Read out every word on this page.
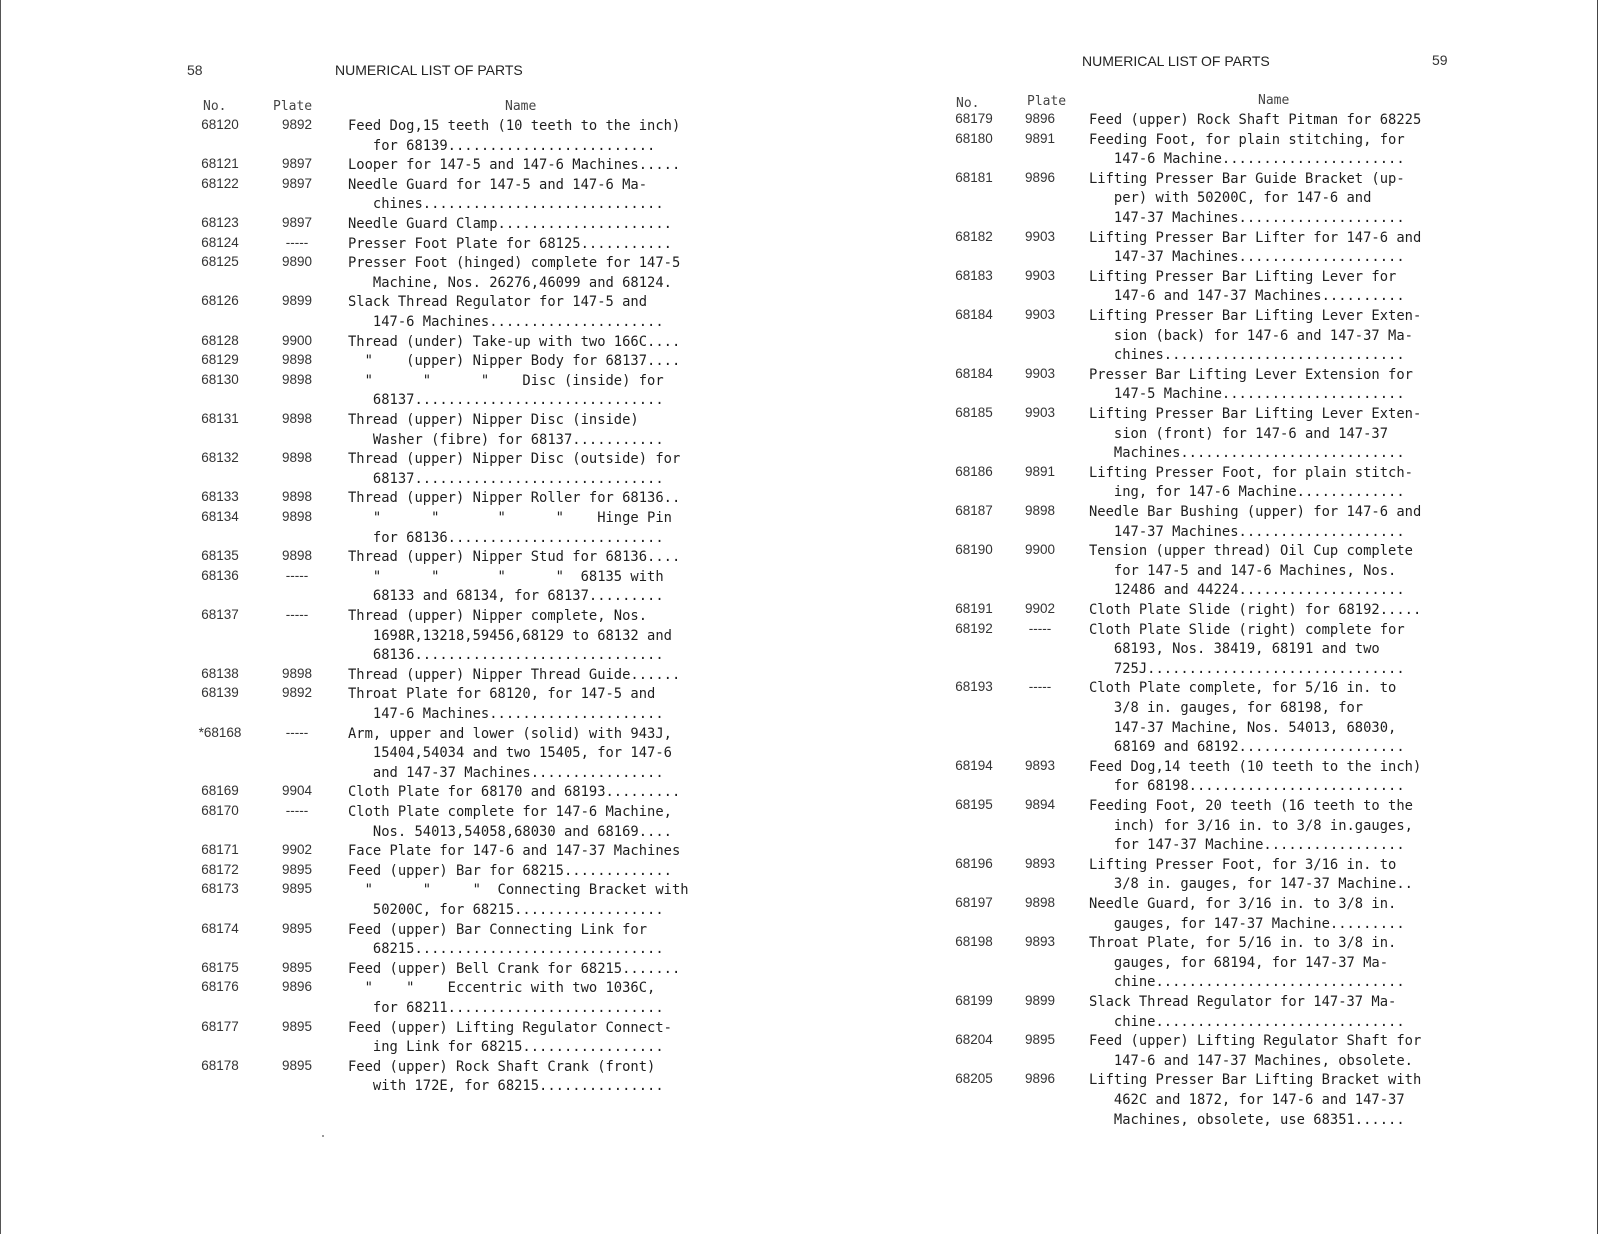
58	NUMERICAL LIST OF PARTS
No.	Plate	Name
68120	9892	Feed Dog,15 teeth (10 teeth to the inch)
for 68139.........................
68121	9897	Looper for 147-5 and 147-6 Machines.....
68122	9897	Needle Guard for 147-5 and 147-6 Ma-
chines.............................
68123	9897	Needle Guard Clamp.....................
68124	-----	Presser Foot Plate for 68125...........
68125	9890	Presser Foot (hinged) complete for 147-5
Machine, Nos. 26276,46099 and 68124.
68126	9899	Slack Thread Regulator for 147-5 and
147-6 Machines.....................
68128	9900	Thread (under) Take-up with two 166C....
68129	9898	"    (upper) Nipper Body for 68137....
68130	9898	"      "      "    Disc (inside) for
68137..............................
68131	9898	Thread (upper) Nipper Disc (inside)
Washer (fibre) for 68137...........
68132	9898	Thread (upper) Nipper Disc (outside) for
68137..............................
68133	9898	Thread (upper) Nipper Roller for 68136..
68134	9898	"      "       "      "    Hinge Pin
for 68136..........................
68135	9898	Thread (upper) Nipper Stud for 68136....
68136	-----	"      "       "      "  68135 with
68133 and 68134, for 68137.........
68137	-----	Thread (upper) Nipper complete, Nos.
1698R,13218,59456,68129 to 68132 and
68136..............................
68138	9898	Thread (upper) Nipper Thread Guide......
68139	9892	Throat Plate for 68120, for 147-5 and
147-6 Machines.....................
*68168	-----	Arm, upper and lower (solid) with 943J,
15404,54034 and two 15405, for 147-6
and 147-37 Machines................
68169	9904	Cloth Plate for 68170 and 68193.........
68170	-----	Cloth Plate complete for 147-6 Machine,
Nos. 54013,54058,68030 and 68169....
68171	9902	Face Plate for 147-6 and 147-37 Machines
68172	9895	Feed (upper) Bar for 68215.............
68173	9895	"      "     "  Connecting Bracket with
50200C, for 68215..................
68174	9895	Feed (upper) Bar Connecting Link for
68215..............................
68175	9895	Feed (upper) Bell Crank for 68215.......
68176	9896	"    "    Eccentric with two 1036C,
for 68211..........................
68177	9895	Feed (upper) Lifting Regulator Connect-
ing Link for 68215.................
68178	9895	Feed (upper) Rock Shaft Crank (front)
with 172E, for 68215...............
NUMERICAL LIST OF PARTS	59
No.	Plate	Name
68179	9896	Feed (upper) Rock Shaft Pitman for 68225
68180	9891	Feeding Foot, for plain stitching, for
147-6 Machine......................
68181	9896	Lifting Presser Bar Guide Bracket (up-
per) with 50200C, for 147-6 and
147-37 Machines....................
68182	9903	Lifting Presser Bar Lifter for 147-6 and
147-37 Machines....................
68183	9903	Lifting Presser Bar Lifting Lever for
147-6 and 147-37 Machines..........
68184	9903	Lifting Presser Bar Lifting Lever Exten-
sion (back) for 147-6 and 147-37 Ma-
chines.............................
68184	9903	Presser Bar Lifting Lever Extension for
147-5 Machine......................
68185	9903	Lifting Presser Bar Lifting Lever Exten-
sion (front) for 147-6 and 147-37
Machines...........................
68186	9891	Lifting Presser Foot, for plain stitch-
ing, for 147-6 Machine.............
68187	9898	Needle Bar Bushing (upper) for 147-6 and
147-37 Machines....................
68190	9900	Tension (upper thread) Oil Cup complete
for 147-5 and 147-6 Machines, Nos.
12486 and 44224....................
68191	9902	Cloth Plate Slide (right) for 68192.....
68192	-----	Cloth Plate Slide (right) complete for
68193, Nos. 38419, 68191 and two
725J...............................
68193	-----	Cloth Plate complete, for 5/16 in. to
3/8 in. gauges, for 68198, for
147-37 Machine, Nos. 54013, 68030,
68169 and 68192....................
68194	9893	Feed Dog,14 teeth (10 teeth to the inch)
for 68198..........................
68195	9894	Feeding Foot, 20 teeth (16 teeth to the
inch) for 3/16 in. to 3/8 in.gauges,
for 147-37 Machine.................
68196	9893	Lifting Presser Foot, for 3/16 in. to
3/8 in. gauges, for 147-37 Machine..
68197	9898	Needle Guard, for 3/16 in. to 3/8 in.
gauges, for 147-37 Machine.........
68198	9893	Throat Plate, for 5/16 in. to 3/8 in.
gauges, for 68194, for 147-37 Ma-
chine..............................
68199	9899	Slack Thread Regulator for 147-37 Ma-
chine..............................
68204	9895	Feed (upper) Lifting Regulator Shaft for
147-6 and 147-37 Machines, obsolete.
68205	9896	Lifting Presser Bar Lifting Bracket with
462C and 1872, for 147-6 and 147-37
Machines, obsolete, use 68351......
